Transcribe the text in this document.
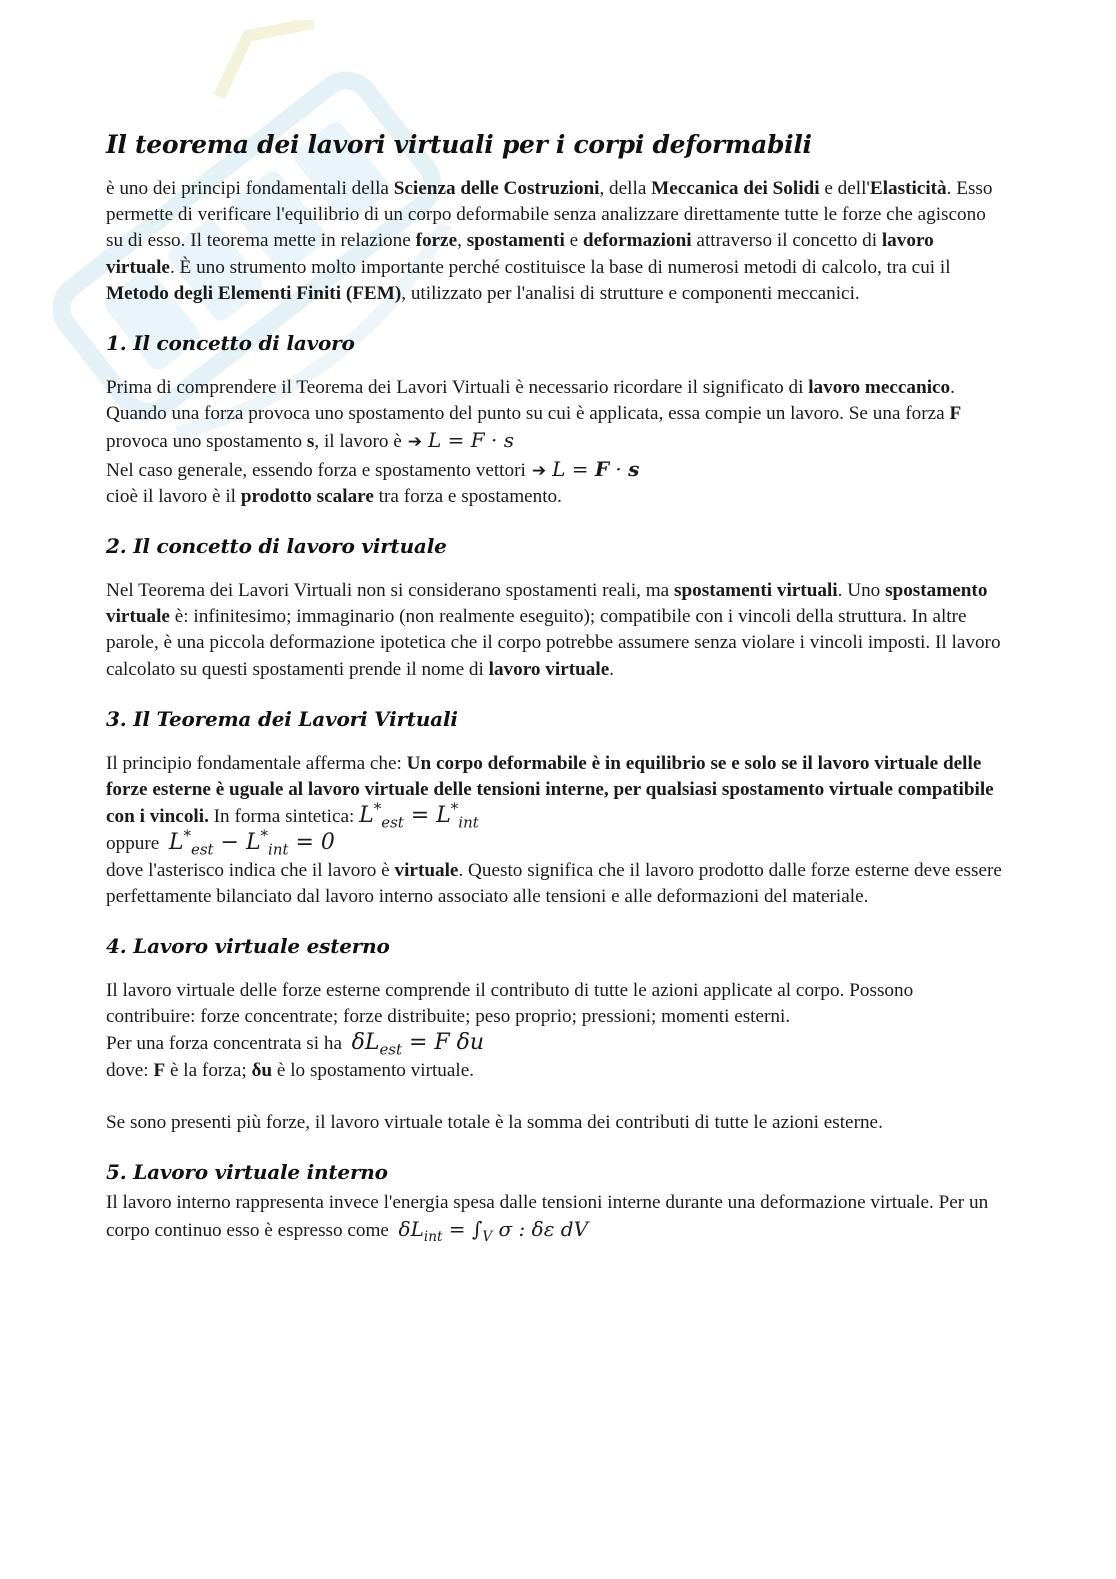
Il teorema dei lavori virtuali per i corpi deformabili

è uno dei principi fondamentali della Scienza delle Costruzioni, della Meccanica dei Solidi e dell'Elasticità. Esso permette di verificare l'equilibrio di un corpo deformabile senza analizzare direttamente tutte le forze che agiscono su di esso. Il teorema mette in relazione forze, spostamenti e deformazioni attraverso il concetto di lavoro virtuale. È uno strumento molto importante perché costituisce la base di numerosi metodi di calcolo, tra cui il Metodo degli Elementi Finiti (FEM), utilizzato per l'analisi di strutture e componenti meccanici.

1. Il concetto di lavoro

Prima di comprendere il Teorema dei Lavori Virtuali è necessario ricordare il significato di lavoro meccanico. Quando una forza provoca uno spostamento del punto su cui è applicata, essa compie un lavoro. Se una forza F provoca uno spostamento s, il lavoro è ➔ L = F · s
Nel caso generale, essendo forza e spostamento vettori ➔ L = F · s
cioè il lavoro è il prodotto scalare tra forza e spostamento.

2. Il concetto di lavoro virtuale

Nel Teorema dei Lavori Virtuali non si considerano spostamenti reali, ma spostamenti virtuali. Uno spostamento virtuale è: infinitesimo; immaginario (non realmente eseguito); compatibile con i vincoli della struttura. In altre parole, è una piccola deformazione ipotetica che il corpo potrebbe assumere senza violare i vincoli imposti. Il lavoro calcolato su questi spostamenti prende il nome di lavoro virtuale.

3. Il Teorema dei Lavori Virtuali

Il principio fondamentale afferma che: Un corpo deformabile è in equilibrio se e solo se il lavoro virtuale delle forze esterne è uguale al lavoro virtuale delle tensioni interne, per qualsiasi spostamento virtuale compatibile con i vincoli. In forma sintetica: $L^*_{est} = L^*_{int}$
oppure $L^*_{est} - L^*_{int} = 0$
dove l'asterisco indica che il lavoro è virtuale. Questo significa che il lavoro prodotto dalle forze esterne deve essere perfettamente bilanciato dal lavoro interno associato alle tensioni e alle deformazioni del materiale.

4. Lavoro virtuale esterno

Il lavoro virtuale delle forze esterne comprende il contributo di tutte le azioni applicate al corpo. Possono contribuire: forze concentrate; forze distribuite; peso proprio; pressioni; momenti esterni.
Per una forza concentrata si ha $\delta L_{est} = F$ δu
dove: F è la forza; δu è lo spostamento virtuale.

Se sono presenti più forze, il lavoro virtuale totale è la somma dei contributi di tutte le azioni esterne.

5. Lavoro virtuale interno

Il lavoro interno rappresenta invece l'energia spesa dalle tensioni interne durante una deformazione virtuale. Per un corpo continuo esso è espresso come $\delta L_{int} = \int_V$ σ : δε dV
